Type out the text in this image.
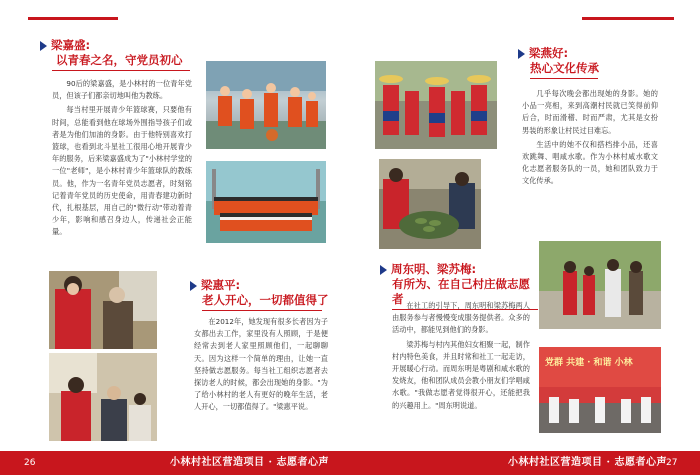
梁嘉盛:
以青春之名，守党员初心

90后的梁嘉盛，是小林村的一位青年党员，但该子们都亲切地叫他为教练。

每当村里开展青少年篮球赛，只要他有时间，总能看到他在球场外围指导孩子们或者是为他们加油的身影。由于他特别喜欢打篮球，也看到北斗星社工很用心地开展青少年的服务，后来梁嘉盛成为了"小林村学堂的一位"老师"，是小林村青少年篮球队的教练员。他，作为一名青年党员志愿者，时刻铭记着青年党员的历史使命，用青春建功新时代，扎根基层，用自己的"微行动"带动着青少年，影响和感召身边人，传递社会正能量。

梁惠平:
老人开心，一切都值得了

在2012年，她发现有很多长者因为子女都出去工作，家里没有人照顾，于是便经常去到老人家里照顾他们，一起聊聊天。因为这样一个简单的理由，让她一直坚持做志愿服务。每当社工组织志愿者去探访老人的时候，都会出现她的身影。"为了给小林村的老人有更好的晚年生活，老人开心，一切都值得了。"梁惠平说。

26	小林村社区营造项目 · 志愿者心声
梁燕好:
热心文化传承

几乎每次晚会都出现她的身影。她的小品一亮相，来到高潮村民就已笑得前仰后合，时而滑稽、时而严肃，尤其是女扮男装的形象让村民过目难忘。

生活中的她不仅和搭档排小品，还喜欢跳舞、唱咸水歌。作为小林村咸水歌文化志愿者服务队的一员，她和团队致力于文化传承。

周东明、梁苏梅:
有所为、在自己村庄做志愿者 在社工的引导下，周东明和梁苏梅两人由服务参与者慢慢变成服务提供者。众多的活动中，都能见到他们的身影。

梁苏梅与村内其他妇女相聚一起，制作村内特色美食，并且时常和社工一起走访，开展暖心行动。而周东明是粤剧和咸水歌的发烧友，他和团队成员会教小朋友们学唱咸水歌。"我做志愿者觉得很开心，还能把我的兴趣用上。"周东明说道。

党群 共建 · 和谐 小林
小林村社区营造项目 · 志愿者心声 27
